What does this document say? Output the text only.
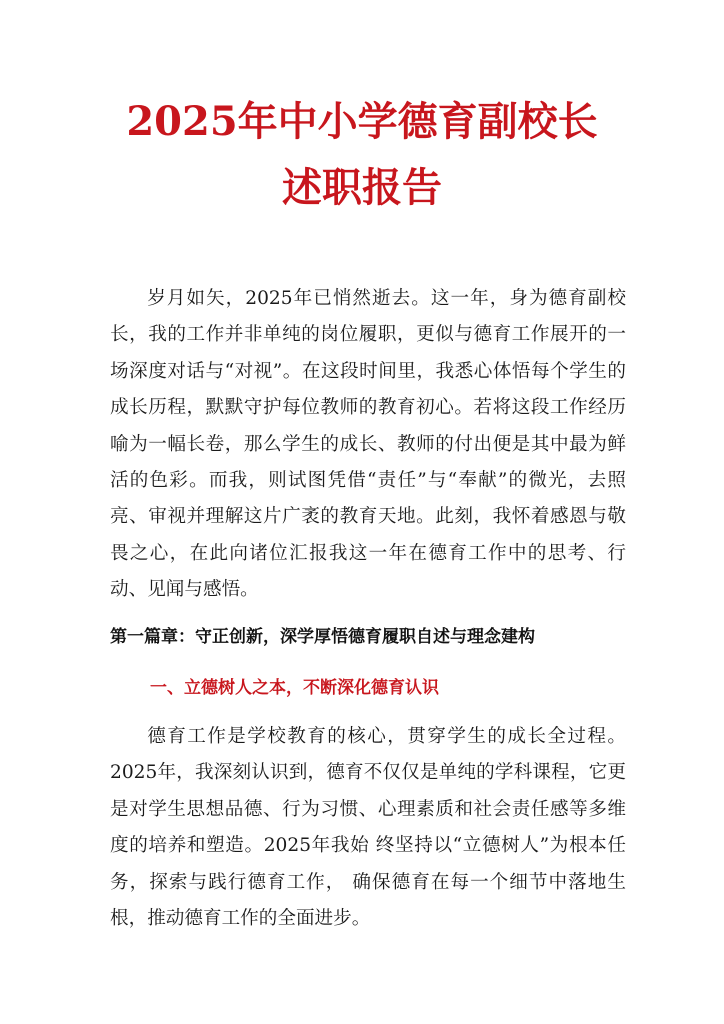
2025年中小学德育副校长
述职报告

岁月如矢，2025年已悄然逝去。这一年，身为德育副校长，我的工作并非单纯的岗位履职，更似与德育工作展开的一场深度对话与“对视”。在这段时间里，我悉心体悟每个学生的成长历程，默默守护每位教师的教育初心。若将这段工作经历喻为一幅长卷，那么学生的成长、教师的付出便是其中最为鲜活的色彩。而我，则试图凭借“责任”与“奉献”的微光，去照亮、审视并理解这片广袤的教育天地。此刻，我怀着感恩与敬畏之心，在此向诸位汇报我这一年在德育工作中的思考、行动、见闻与感悟。

第一篇章：守正创新，深学厚悟德育履职自述与理念建构
一、立德树人之本，不断深化德育认识

德育工作是学校教育的核心，贯穿学生的成长全过程。2025年，我深刻认识到，德育不仅仅是单纯的学科课程，它更是对学生思想品德、行为习惯、心理素质和社会责任感等多维度的培养和塑造。2025年我始 终坚持以“立德树人”为根本任务，探索与践行德育工作， 确保德育在每一个细节中落地生根，推动德育工作的全面进步。
